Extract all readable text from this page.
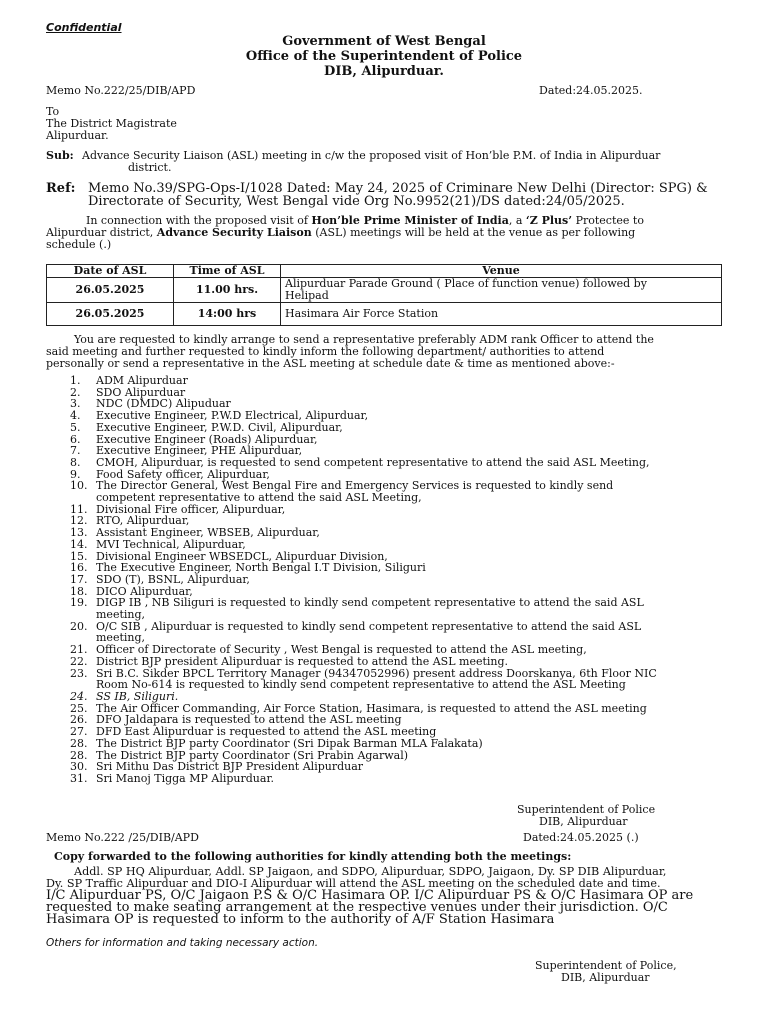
Confidential
Government of West Bengal
Office of the Superintendent of Police
DIB, Alipurduar.
Memo No.222/25/DIB/APD	Dated:24.05.2025.
To
The District Magistrate
Alipurduar.
Sub: Advance Security Liaison (ASL) meeting in c/w the proposed visit of Hon’ble P.M. of India in Alipurduar
district.
Ref: Memo No.39/SPG-Ops-I/1028 Dated: May 24, 2025 of Criminare New Delhi (Director: SPG) &
Directorate of Security, West Bengal vide Org No.9952(21)/DS dated:24/05/2025.
In connection with the proposed visit of Hon’ble Prime Minister of India, a ‘Z Plus’ Protectee to
Alipurduar district, Advance Security Liaison (ASL) meetings will be held at the venue as per following
schedule (.)
Date of ASL	Time of ASL	Venue
26.05.2025	11.00 hrs.	Alipurduar Parade Ground ( Place of function venue) followed by
Helipad

26.05.2025	14:00 hrs	Hasimara Air Force Station
You are requested to kindly arrange to send a representative preferably ADM rank Officer to attend the
said meeting and further requested to kindly inform the following department/ authorities to attend
personally or send a representative in the ASL meeting at schedule date & time as mentioned above:-
1. ADM Alipurduar
2. SDO Alipurduar
3. NDC (DMDC) Alipuduar
4. Executive Engineer, P.W.D Electrical, Alipurduar,
5. Executive Engineer, P.W.D. Civil, Alipurduar,
6. Executive Engineer (Roads) Alipurduar,
7. Executive Engineer, PHE Alipurduar,
8. CMOH, Alipurduar, is requested to send competent representative to attend the said ASL Meeting,
9. Food Safety officer, Alipurduar,
10. The Director General, West Bengal Fire and Emergency Services is requested to kindly send
competent representative to attend the said ASL Meeting,
11. Divisional Fire officer, Alipurduar,
12. RTO, Alipurduar,
13. Assistant Engineer, WBSEB, Alipurduar,
14. MVI Technical, Alipurduar,
15. Divisional Engineer WBSEDCL, Alipurduar Division,
16. The Executive Engineer, North Bengal I.T Division, Siliguri
17. SDO (T), BSNL, Alipurduar,
18. DICO Alipurduar,
19. DIGP IB , NB Siliguri is requested to kindly send competent representative to attend the said ASL
meeting,
20. O/C SIB , Alipurduar is requested to kindly send competent representative to attend the said ASL
meeting,
21. Officer of Directorate of Security , West Bengal is requested to attend the ASL meeting,
22. District BJP president Alipurduar is requested to attend the ASL meeting.
23. Sri B.C. Sikder BPCL Territory Manager (94347052996) present address Doorskanya, 6th Floor NIC
Room No-614 is requested to kindly send competent representative to attend the ASL Meeting
24. SS IB, Siliguri.
25. The Air Officer Commanding, Air Force Station, Hasimara, is requested to attend the ASL meeting
26. DFO Jaldapara is requested to attend the ASL meeting
27. DFD East Alipurduar is requested to attend the ASL meeting
28. The District BJP party Coordinator (Sri Dipak Barman MLA Falakata)
28. The District BJP party Coordinator (Sri Prabin Agarwal)
30. Sri Mithu Das District BJP President Alipurduar
31. Sri Manoj Tigga MP Alipurduar.
Superintendent of Police
DIB, Alipurduar
Memo No.222 /25/DIB/APD	Dated:24.05.2025 (.)
Copy forwarded to the following authorities for kindly attending both the meetings:
Addl. SP HQ Alipurduar, Addl. SP Jaigaon, and SDPO, Alipurduar, SDPO, Jaigaon, Dy. SP DIB Alipurduar,
Dy. SP Traffic Alipurduar and DIO-I Alipurduar will attend the ASL meeting on the scheduled date and time.
I/C Alipurduar PS, O/C Jaigaon P.S & O/C Hasimara OP. I/C Alipurduar PS & O/C Hasimara OP are
requested to make seating arrangement at the respective venues under their jurisdiction. O/C
Hasimara OP is requested to inform to the authority of A/F Station Hasimara
Others for information and taking necessary action.
Superintendent of Police,
DIB, Alipurduar
